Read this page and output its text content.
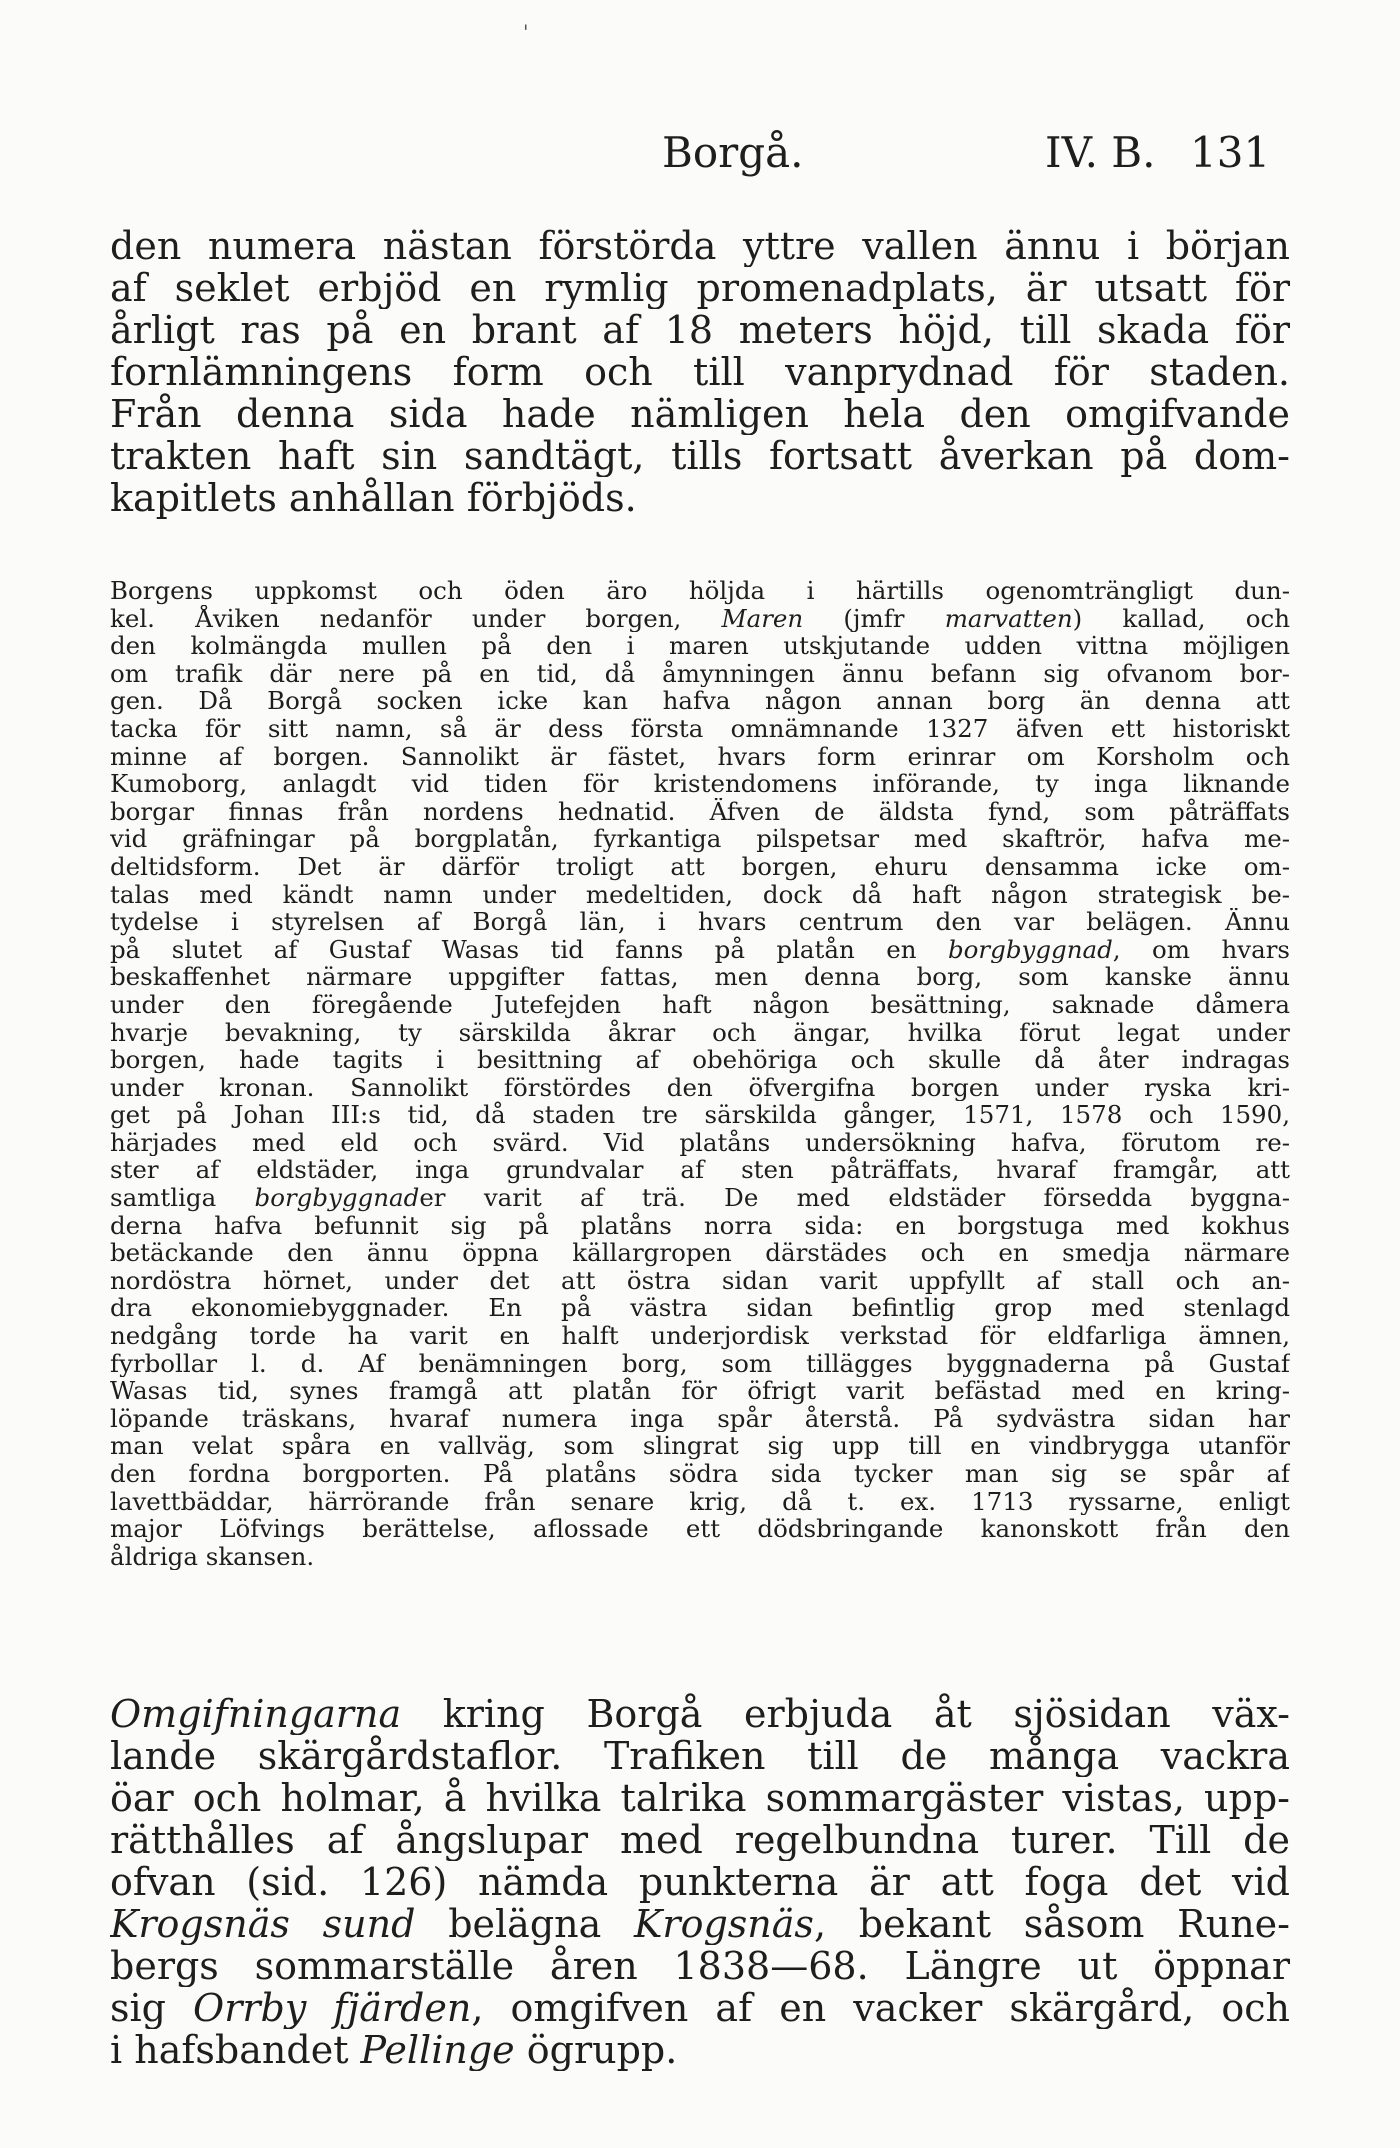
'
Borgå.	IV. B. 131
den numera nästan förstörda yttre vallen ännu i början
af seklet erbjöd en rymlig promenadplats, är utsatt för
årligt ras på en brant af 18 meters höjd, till skada för
fornlämningens form och till vanprydnad för staden.
Från denna sida hade nämligen hela den omgifvande
trakten haft sin sandtägt, tills fortsatt åverkan på dom-
kapitlets anhållan förbjöds.
Borgens uppkomst och öden äro höljda i härtills ogenomträngligt dun-
kel. Åviken nedanför under borgen, Maren (jmfr marvatten) kallad, och
den kolmängda mullen på den i maren utskjutande udden vittna möjligen
om trafik där nere på en tid, då åmynningen ännu befann sig ofvanom bor-
gen. Då Borgå socken icke kan hafva någon annan borg än denna att
tacka för sitt namn, så är dess första omnämnande 1327 äfven ett historiskt
minne af borgen. Sannolikt är fästet, hvars form erinrar om Korsholm och
Kumoborg, anlagdt vid tiden för kristendomens införande, ty inga liknande
borgar finnas från nordens hednatid. Äfven de äldsta fynd, som påträffats
vid gräfningar på borgplatån, fyrkantiga pilspetsar med skaftrör, hafva me-
deltidsform. Det är därför troligt att borgen, ehuru densamma icke om-
talas med kändt namn under medeltiden, dock då haft någon strategisk be-
tydelse i styrelsen af Borgå län, i hvars centrum den var belägen. Ännu
på slutet af Gustaf Wasas tid fanns på platån en borgbyggnad, om hvars
beskaffenhet närmare uppgifter fattas, men denna borg, som kanske ännu
under den föregående Jutefejden haft någon besättning, saknade dåmera
hvarje bevakning, ty särskilda åkrar och ängar, hvilka förut legat under
borgen, hade tagits i besittning af obehöriga och skulle då åter indragas
under kronan. Sannolikt förstördes den öfvergifna borgen under ryska kri-
get på Johan III:s tid, då staden tre särskilda gånger, 1571, 1578 och 1590,
härjades med eld och svärd. Vid platåns undersökning hafva, förutom re-
ster af eldstäder, inga grundvalar af sten påträffats, hvaraf framgår, att
samtliga borgbyggnader varit af trä. De med eldstäder försedda byggna-
derna hafva befunnit sig på platåns norra sida: en borgstuga med kokhus
betäckande den ännu öppna källargropen därstädes och en smedja närmare
nordöstra hörnet, under det att östra sidan varit uppfyllt af stall och an-
dra ekonomiebyggnader. En på västra sidan befintlig grop med stenlagd
nedgång torde ha varit en halft underjordisk verkstad för eldfarliga ämnen,
fyrbollar l. d. Af benämningen borg, som tillägges byggnaderna på Gustaf
Wasas tid, synes framgå att platån för öfrigt varit befästad med en kring-
löpande träskans, hvaraf numera inga spår återstå. På sydvästra sidan har
man velat spåra en vallväg, som slingrat sig upp till en vindbrygga utanför
den fordna borgporten. På platåns södra sida tycker man sig se spår af
lavettbäddar, härrörande från senare krig, då t. ex. 1713 ryssarne, enligt
major Löfvings berättelse, aflossade ett dödsbringande kanonskott från den
åldriga skansen.
Omgifningarna kring Borgå erbjuda åt sjösidan väx-
lande skärgårdstaflor. Trafiken till de många vackra
öar och holmar, å hvilka talrika sommargäster vistas, upp-
rätthålles af ångslupar med regelbundna turer. Till de
ofvan (sid. 126) nämda punkterna är att foga det vid
Krogsnäs sund belägna Krogsnäs, bekant såsom Rune-
bergs sommarställe åren 1838—68. Längre ut öppnar
sig Orrby fjärden, omgifven af en vacker skärgård, och
i hafsbandet Pellinge ögrupp.
